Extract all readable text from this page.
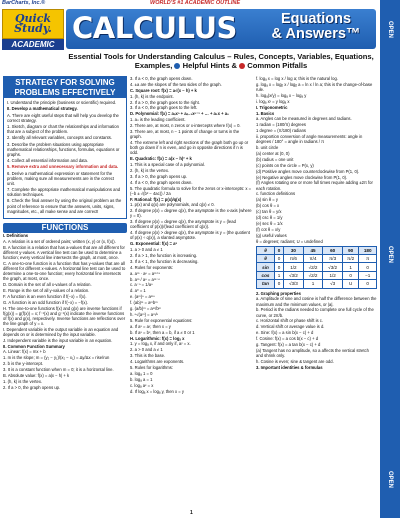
BarCharts, Inc.®	WORLD'S #1 ACADEMIC OUTLINE
Quick
Study.
ACADEMIC CALCULUS	Equations
& Answers™
Essential Tools for Understanding Calculus – Rules, Concepts, Variables, Equations,
Examples, Helpful Hints & Common Pitfalls
OPEN
OPEN
OPEN
STRATEGY FOR SOLVING PROBLEMS EFFECTIVELY
I. Understand the principle (business or scientific) required.
II. Develop a mathematical strategy.
A. There are eight useful steps that will help you develop the correct strategy.
1. Sketch, diagram or chart the relationships and information that are a subject of the problem.
2. Identify all relevant variables, concepts and constants.
3. Describe the problem situations using appropriate mathematical relationships, functions, formulas, equations or graphs.
4. Collect all essential information and data.
5. Remove extra and unnecessary information and data.
6. Derive a mathematical expression or statement for the problem, making sure all measurements are in the correct unit.
7. Complete the appropriate mathematical manipulations and solution techniques.
8. Check the final answer by using the original problem as the point of reference to ensure that the answers, units, signs, magnitudes, etc., all make sense and are correct!
FUNCTIONS
I. Definitions
A. A relation is a set of ordered pairs; written (x, y) or (x, f(x)).
B. A function is a relation that has a-values that are all different for different y-values. A vertical line test can be used to determine a function; every vertical line intersects the graph, at most, once.
C. A one-to-one function is a function that has y-values that are all different for different x-values. A horizontal line test can be used to determine a one-to-one function; every horizontal line intersects the graph, at most, once.
D. Domain is the set of all x-values of a relation.
E. Range is the set of all y-values of a relation.
F. A function is an even function if f(−x) = f(x).
G. A function is an odd function if f(−x) = −f(x).
H. The one-to-one functions f(x) and g(x) are inverse functions if f(g(x)) = g(f(x)) = x; f⁻¹(x) and g⁻¹(x) indicate the inverse functions of f(x) and g(x), respectively. Inverse functions are reflections over the line graph of y = x.
I. Dependent variable is the output variable in an equation and depends on or is determined by the input variable.
J. Independent variable is the input variable in an equation.
II. Common Function Summary
A. Linear: f(x) = mx + b
1. m is the slope; m = (y₂ − y₁)/(x₂ − x₁) = Δy/Δx = rise/run
2. b is the y-intercept.
3. It is a constant function when m = 0; it is a horizontal line.
B. Absolute value: f(x) = a|x − h| + k
1. (h, k) is the vertex.
2. If a > 0, the graph opens up.
3. If a < 0, the graph opens down.
4. ±a are the slopes of the two sides of the graph.
C. Square root: f(x) = a√(x − h) + k
1. (h, k) is the endpoint.
2. If a > 0, the graph goes to the right.
3. If a < 0, the graph goes to the left.
D. Polynomial: f(x) = aₙxⁿ + aₙ₋₁xⁿ⁻¹ + … + a₁x + a₀
1. aₙ is the leading coefficient.
2. There are, at most, n zeros or x-intercepts where f(x) = 0.
3. There are, at most, n − 1 points of change or turns in the graph.
4. The extreme left and right sections of the graph both go up or both go down if n is even, and go in opposite directions if n is odd.
E. Quadratic: f(x) = a(x − h)² + k
1. This is a special case of a polynomial.
2. (h, k) is the vertex.
3. If a > 0, the graph opens up.
4. If a < 0, the graph opens down.
5. The quadratic formula to solve for the zeros or x-intercepts: x = (−b ± √(b² − 4ac)) / 2a
F. Rational: f(x) = p(x)/q(x)
1. p(x) and q(x) are polynomials, and q(x) ≠ 0.
2. If degree p(x) = degree q(x), the asymptote is the x-axis (where y = 0).
3. If degree p(x) = degree q(x), the asymptote is y = (lead coefficient of p(x))/(lead coefficient of q(x)).
4. If degree p(x) > degree q(x), the asymptote is y = (the quotient of p(x) ÷ q(x)), a slanted asymptote.
G. Exponential: f(x) = aˣ
1. a > 0 and a ≠ 1
2. If a > 1, the function is increasing.
3. If a < 1, the function is decreasing.
4. Rules for exponents:
a. aᵐ · aⁿ = aᵐ⁺ⁿ
b. aᵐ / aⁿ = aᵐ⁻ⁿ
c. a⁻ⁿ = 1/aⁿ
d. a⁰ = 1
e. (aᵐ)ⁿ = aᵐⁿ
f. (ab)ᵐ = aᵐbᵐ
g. (a/b)ᵐ = aᵐ/bᵐ
h. ⁿ√(aᵐ) = aᵐ/ⁿ
5. Rule for exponential equations:
a. If aˣ = aʸ, then x = y
b. If aˣ = bˣ, then a = b, if a ≠ 0 or 1
H. Logarithmic: f(x) = logₐ x
1. y = logₐ x, if and only if, aʸ = x.
2. a > 0 and a ≠ 1
3. This is the base.
4. Logarithms are exponents.
5. Rules for logarithms:
a. logₐ 1 = 0
b. logₐ a = 1
c. logₐ aˣ = x
d. If logₐ x = logₐ y, then x = y
f. logₐ x = log x / log a; this is the natural log.
g. logₐ x = logᵦ x / logᵦ a = ln x / ln a; this is the change-of-base rule.
h. logₐ(x/y) = logₐ x − logₐ y
i. logₐ xʸ = y logₐ x
I. Trigonometric
1. Basics
a. Angles can be measured in degrees and radians.
1 radian = (180/π) degrees
1 degree = (π/180) radians
ii. proportion conversion of angle measurements: angle in degrees / 180° = angle in radians / π
b. unit circle
(a) center at (0, 0)
(b) radius = one unit
(c) points on the circle = P(x, y)
(d) Positive angles move counterclockwise from P(1, 0).
(e) Negative angles move clockwise from P(1, 0).
(f) Angles rotating one or more full times require adding ±2π for each rotation.
c. function definitions
(a) sin θ = y
(b) cos θ = x
(c) tan θ = y/x
(d) csc θ = 1/y
(e) sec θ = 1/x
(f) cot θ = x/y
(g) useful values
θ = degrees; radians; U = undefined
θ	0	30	45	60	90	180
θ	0	π/6	π/4	π/3	π/2	π
sin	0	1/2	√2/2	√3/2	1	0
cos	1	√3/2	√2/2	1/2	0	−1
tan	0	√3/3	1	√3	U	0
2. Graphing properties
a. Amplitude of sine and cosine is half the difference between the maximum and the minimum values, or |a|.
b. Period is the radians needed to complete one full cycle of the curve, or 2π/b.
c. Horizontal shift or phase shift is c.
d. Vertical shift or average value is d.
e. Sine: f(x) = a sin b(x − c) + d
f. Cosine: f(x) = a cos b(x − c) + d
g. Tangent: f(x) = a tan b(x − c) + d
(a) Tangent has no amplitude, so a affects the vertical stretch and shrink only.
h. Cosine is even; sine & tangent are odd.
3. Important identities & formulas
1
